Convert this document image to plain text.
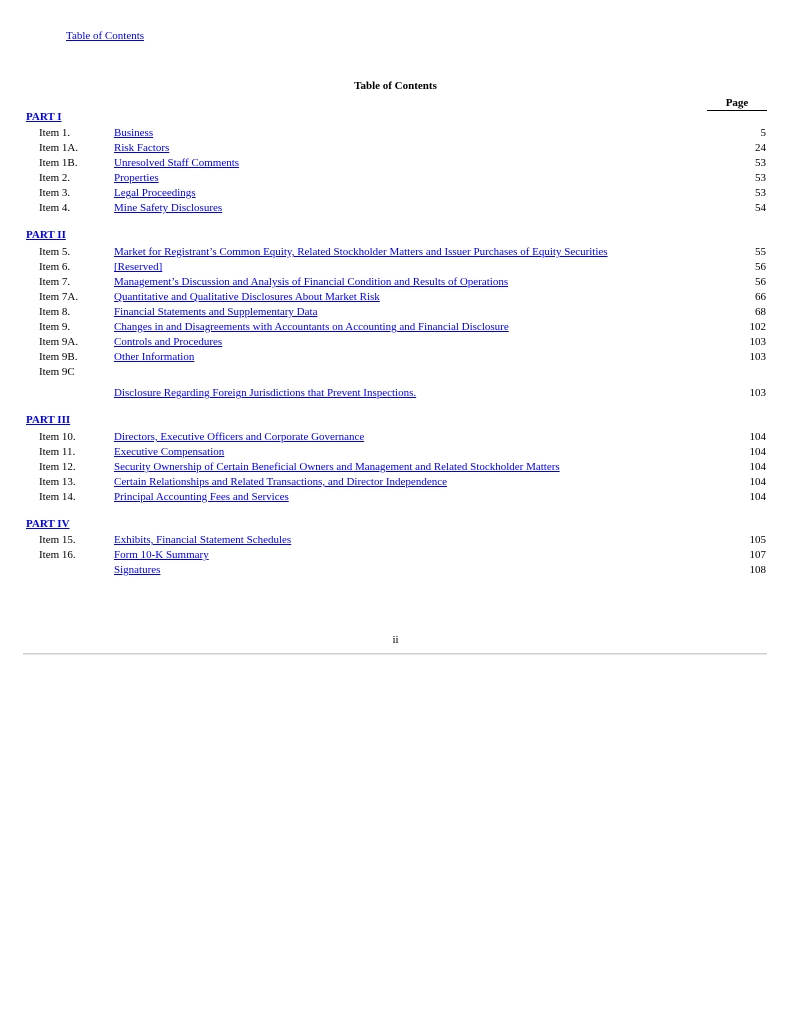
Table of Contents
Table of Contents
Page
PART I
Item 1.	Business	5
Item 1A.	Risk Factors	24
Item 1B.	Unresolved Staff Comments	53
Item 2.	Properties	53
Item 3.	Legal Proceedings	53
Item 4.	Mine Safety Disclosures	54
PART II
Item 5.	Market for Registrant’s Common Equity, Related Stockholder Matters and Issuer Purchases of Equity Securities	55
Item 6.	[Reserved]	56
Item 7.	Management’s Discussion and Analysis of Financial Condition and Results of Operations	56
Item 7A.	Quantitative and Qualitative Disclosures About Market Risk	66
Item 8.	Financial Statements and Supplementary Data	68
Item 9.	Changes in and Disagreements with Accountants on Accounting and Financial Disclosure	102
Item 9A.	Controls and Procedures	103
Item 9B.	Other Information	103
Item 9C
Disclosure Regarding Foreign Jurisdictions that Prevent Inspections.	103
PART III
Item 10.	Directors, Executive Officers and Corporate Governance	104
Item 11.	Executive Compensation	104
Item 12.	Security Ownership of Certain Beneficial Owners and Management and Related Stockholder Matters	104
Item 13.	Certain Relationships and Related Transactions, and Director Independence	104
Item 14.	Principal Accounting Fees and Services	104
PART IV
Item 15.	Exhibits, Financial Statement Schedules	105
Item 16.	Form 10-K Summary	107
Signatures	108
ii
